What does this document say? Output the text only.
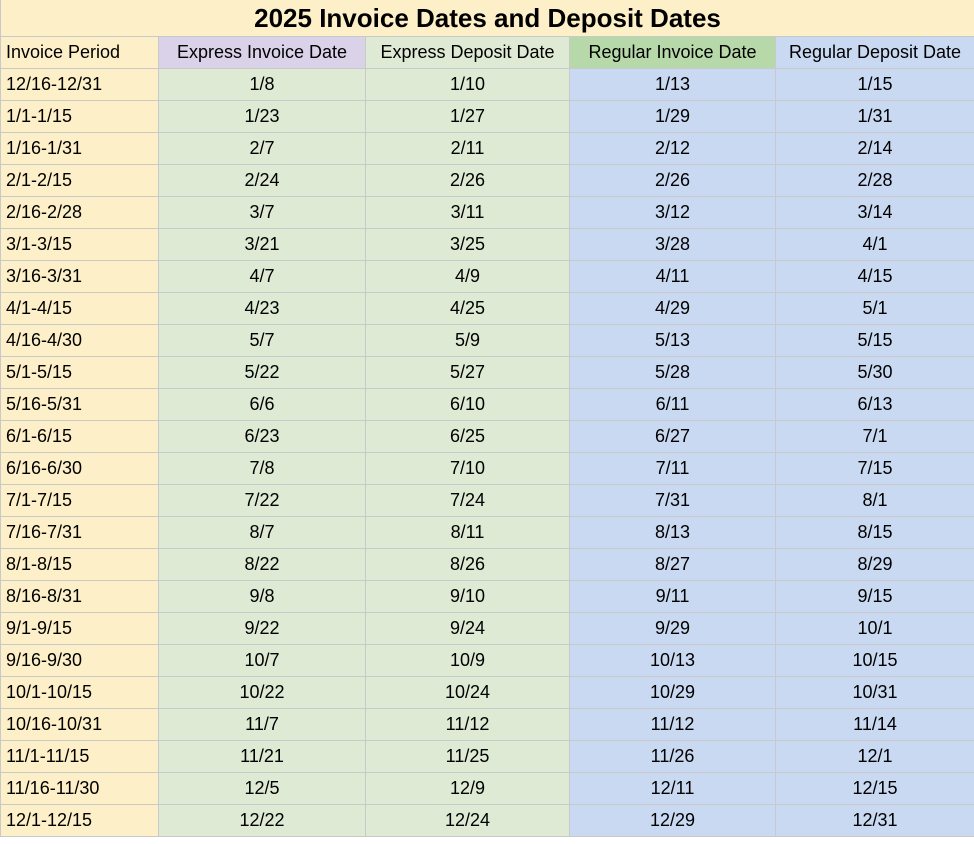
2025 Invoice Dates and Deposit Dates				
Invoice Period	Express Invoice Date	Express Deposit Date	Regular Invoice Date	Regular Deposit Date
12/16-12/31	1/8	1/10	1/13	1/15
1/1-1/15	1/23	1/27	1/29	1/31
1/16-1/31	2/7	2/11	2/12	2/14
2/1-2/15	2/24	2/26	2/26	2/28
2/16-2/28	3/7	3/11	3/12	3/14
3/1-3/15	3/21	3/25	3/28	4/1
3/16-3/31	4/7	4/9	4/11	4/15
4/1-4/15	4/23	4/25	4/29	5/1
4/16-4/30	5/7	5/9	5/13	5/15
5/1-5/15	5/22	5/27	5/28	5/30
5/16-5/31	6/6	6/10	6/11	6/13
6/1-6/15	6/23	6/25	6/27	7/1
6/16-6/30	7/8	7/10	7/11	7/15
7/1-7/15	7/22	7/24	7/31	8/1
7/16-7/31	8/7	8/11	8/13	8/15
8/1-8/15	8/22	8/26	8/27	8/29
8/16-8/31	9/8	9/10	9/11	9/15
9/1-9/15	9/22	9/24	9/29	10/1
9/16-9/30	10/7	10/9	10/13	10/15
10/1-10/15	10/22	10/24	10/29	10/31
10/16-10/31	11/7	11/12	11/12	11/14
11/1-11/15	11/21	11/25	11/26	12/1
11/16-11/30	12/5	12/9	12/11	12/15
12/1-12/15	12/22	12/24	12/29	12/31
